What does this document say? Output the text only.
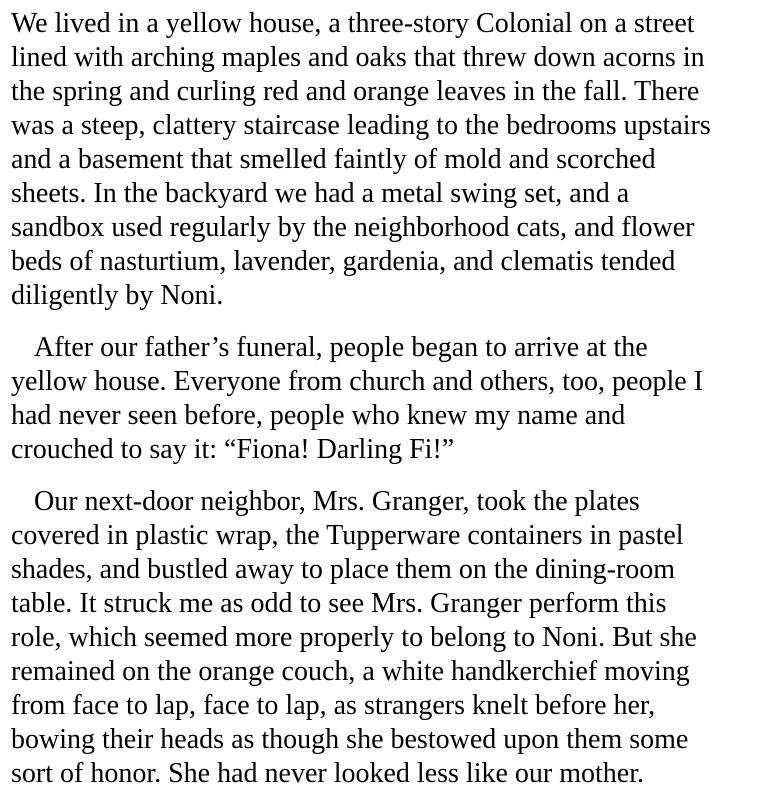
We lived in a yellow house, a three-story Colonial on a street
lined with arching maples and oaks that threw down acorns in
the spring and curling red and orange leaves in the fall. There
was a steep, clattery staircase leading to the bedrooms upstairs
and a basement that smelled faintly of mold and scorched
sheets. In the backyard we had a metal swing set, and a
sandbox used regularly by the neighborhood cats, and flower
beds of nasturtium, lavender, gardenia, and clematis tended
diligently by Noni.

After our father’s funeral, people began to arrive at the
yellow house. Everyone from church and others, too, people I
had never seen before, people who knew my name and
crouched to say it: “Fiona! Darling Fi!”

Our next-door neighbor, Mrs. Granger, took the plates
covered in plastic wrap, the Tupperware containers in pastel
shades, and bustled away to place them on the dining-room
table. It struck me as odd to see Mrs. Granger perform this
role, which seemed more properly to belong to Noni. But she
remained on the orange couch, a white handkerchief moving
from face to lap, face to lap, as strangers knelt before her,
bowing their heads as though she bestowed upon them some
sort of honor. She had never looked less like our mother.
